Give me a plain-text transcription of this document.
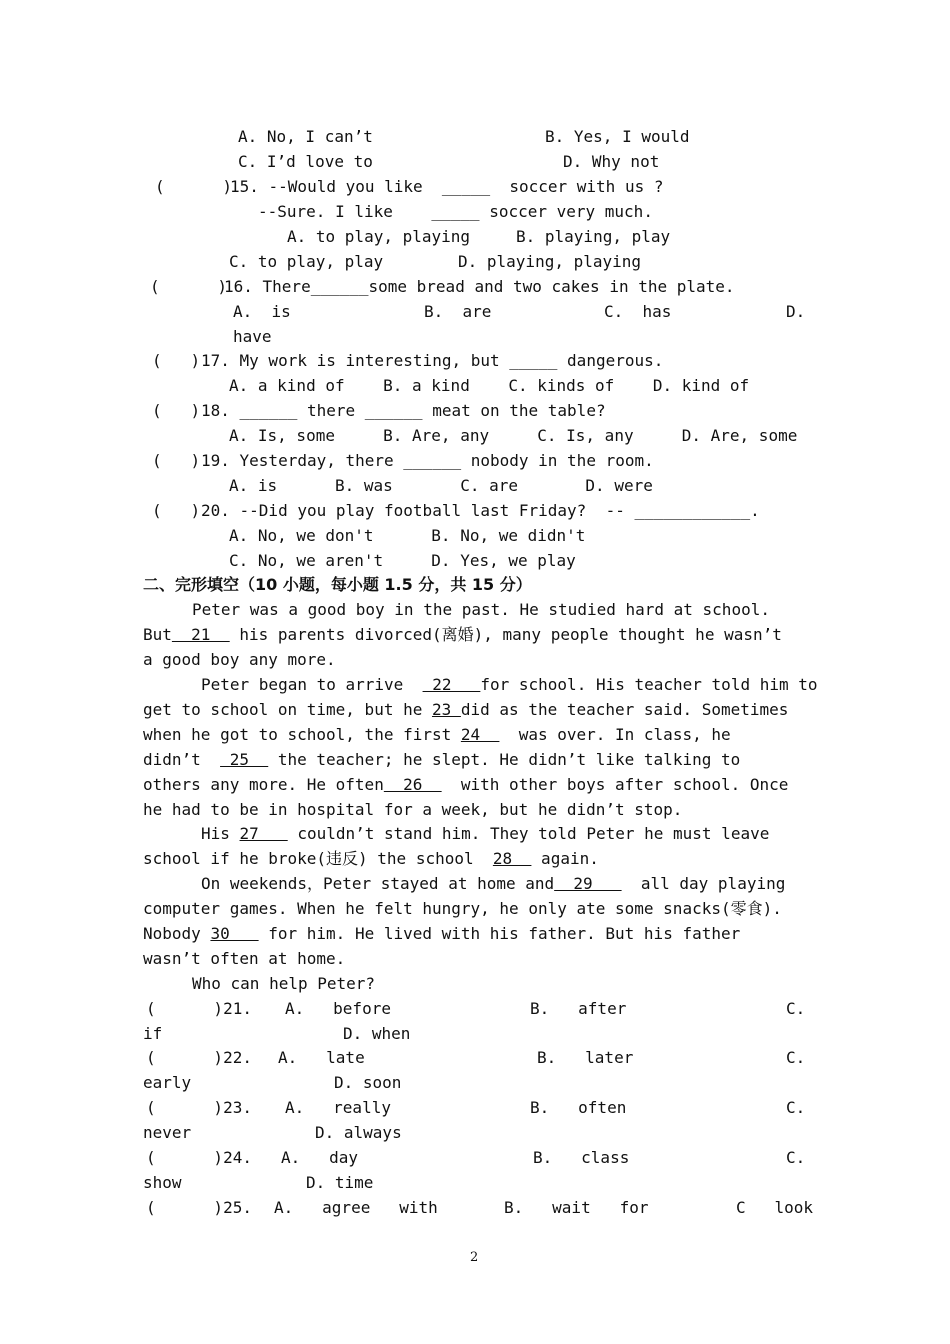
A. No, I can’t	B. Yes, I would
C. I’d love to	D. Why not
(      )
15. --Would you like  _____  soccer with us ?
--Sure. I like    _____ soccer very much.
A. to play, playing	B. playing, play
C. to play, play	D. playing, playing
(      )
16. There______some bread and two cakes in the plate.
A.  is	B.  are	C.  has	D.
have
(   ) 17. My work is interesting, but _____ dangerous.
A. a kind of    B. a kind    C. kinds of    D. kind of
(   ) 18. ______ there ______ meat on the table?
A. Is, some     B. Are, any     C. Is, any     D. Are, some
(   ) 19. Yesterday, there ______ nobody in the room.
A. is      B. was       C. are       D. were
(   ) 20. --Did you play football last Friday?  -- ____________.
A. No, we don't      B. No, we didn't
C. No, we aren't     D. Yes, we play
二、完形填空（10 小题，每小题 1.5 分，共 15 分）
Peter was a good boy in the past. He studied hard at school.
But  21   his parents divorced(离婚), many people thought he wasn’t
a good boy any more.
Peter began to arrive   22   for school. His teacher told him to
get to school on time, but he 23 did as the teacher said. Sometimes
when he got to school, the first 24    was over. In class, he
didn’t   25   the teacher; he slept. He didn’t like talking to
others any more. He often  26    with other boys after school. Once
he had to be in hospital for a week, but he didn’t stop.
His 27    couldn’t stand him. They told Peter he must leave
school if he broke(违反) the school  28   again.
On weekends，Peter stayed at home and  29     all day playing
computer games. When he felt hungry, he only ate some snacks(零食).
Nobody 30    for him. He lived with his father. But his father
wasn’t often at home.
Who can help Peter?
(      )21. A.   before	B.   after	C.
if	D. when
(      )22. A.   late	B.   later	C.
early	D. soon
(      )23. A.   really	B.   often	C.
never	D. always
(      )24. A.   day	B.   class	C.
show	D. time
(      )25. A.   agree   with	B.   wait   for	C   look
2
